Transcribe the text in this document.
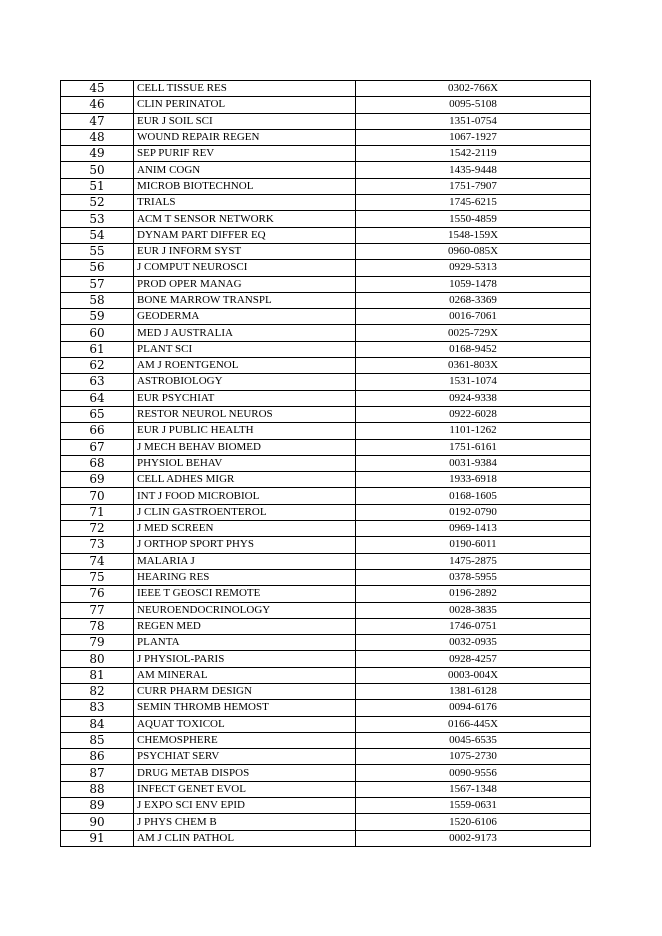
45	CELL TISSUE RES	0302-766X
46	CLIN PERINATOL	0095-5108
47	EUR J SOIL SCI	1351-0754
48	WOUND REPAIR REGEN	1067-1927
49	SEP PURIF REV	1542-2119
50	ANIM COGN	1435-9448
51	MICROB BIOTECHNOL	1751-7907
52	TRIALS	1745-6215
53	ACM T SENSOR NETWORK	1550-4859
54	DYNAM PART DIFFER EQ	1548-159X
55	EUR J INFORM SYST	0960-085X
56	J COMPUT NEUROSCI	0929-5313
57	PROD OPER MANAG	1059-1478
58	BONE MARROW TRANSPL	0268-3369
59	GEODERMA	0016-7061
60	MED J AUSTRALIA	0025-729X
61	PLANT SCI	0168-9452
62	AM J ROENTGENOL	0361-803X
63	ASTROBIOLOGY	1531-1074
64	EUR PSYCHIAT	0924-9338
65	RESTOR NEUROL NEUROS	0922-6028
66	EUR J PUBLIC HEALTH	1101-1262
67	J MECH BEHAV BIOMED	1751-6161
68	PHYSIOL BEHAV	0031-9384
69	CELL ADHES MIGR	1933-6918
70	INT J FOOD MICROBIOL	0168-1605
71	J CLIN GASTROENTEROL	0192-0790
72	J MED SCREEN	0969-1413
73	J ORTHOP SPORT PHYS	0190-6011
74	MALARIA J	1475-2875
75	HEARING RES	0378-5955
76	IEEE T GEOSCI REMOTE	0196-2892
77	NEUROENDOCRINOLOGY	0028-3835
78	REGEN MED	1746-0751
79	PLANTA	0032-0935
80	J PHYSIOL-PARIS	0928-4257
81	AM MINERAL	0003-004X
82	CURR PHARM DESIGN	1381-6128
83	SEMIN THROMB HEMOST	0094-6176
84	AQUAT TOXICOL	0166-445X
85	CHEMOSPHERE	0045-6535
86	PSYCHIAT SERV	1075-2730
87	DRUG METAB DISPOS	0090-9556
88	INFECT GENET EVOL	1567-1348
89	J EXPO SCI ENV EPID	1559-0631
90	J PHYS CHEM B	1520-6106
91	AM J CLIN PATHOL	0002-9173
